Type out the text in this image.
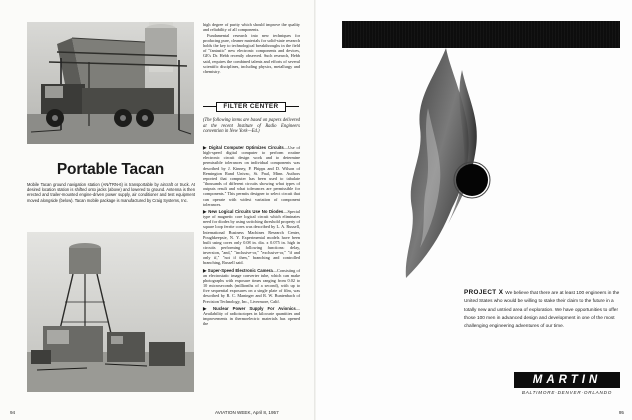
Portable Tacan
Mobile Tacan ground navigation station (AN/TRN-6) is transportable by aircraft or truck. At desired location station is shifted onto jacks (above) and lowered to ground. Antenna is then erected and trailer-mounted engine-driven power supply, air conditioner and test equipment moved alongside (below). Tacan mobile package is manufactured by Craig Systems, Inc.

high degree of purity which should improve the quality and reliability of all components.

Fundamental research into new techniques for producing pure, cleaner materials for solid-state research holds the key to technological breakthroughs in the field of "fantastic" new electronic components and devices, GE's Dr. Hebb recently observed. Such research, Hebb said, requires the combined talents and efforts of several scientific disciplines, including physics, metallurgy and chemistry.

FILTER CENTER
(The following items are based on papers delivered at the recent Institute of Radio Engineers convention in New York—Ed.)

▶ Digital Computer Optimizes Circuits—Use of high-speed digital computer to perform routine electronic circuit design work and to determine permissible tolerances on individual components was described by J. Kinney, P. Phipps and D. Wilson of Remington Rand Univac, St. Paul, Minn. Authors reported that computer has been used to tabulate "thousands of different circuits showing what types of outputs result and what tolerances are permissible for components." This permits designer to select circuit that can operate with widest variation of component tolerances.

▶ New Logical Circuits Use No Diodes—Special type of magnetic core logical circuit which eliminates need for diodes by using switching threshold property of square loop ferrite cores was described by L. A. Russell, International Business Machines Research Center, Poughkeepsie, N. Y. Experimental models have been built using cores only 0.08 in. dia. x 0.075 in. high in circuits performing following functions: delay, inversion, "and," "inclusive-or," "exclusive-or," "if and only if," "not if then," branching and controlled branching, Russell said.

▶ Super-Speed Electronic Camera—Consisting of an electrostatic image converter tube, which can make photographs with exposure times ranging from 0.02 to 10 microseconds (millionths of a second), with up to five sequential exposures on a single plate of film, was described by R. C. Maninger and R. W. Buntenbach of Precision Technology, Inc., Livermore, Calif.

▶ Nuclear Power Supply For Avionics—Availability of radioisotopes in kilocurie quantities and improvements in thermoelectric materials has opened the

94	AVIATION WEEK, April 8, 1957
PROJECT X We believe that there are at least 100 engineers in the United States who would be willing to stake their claim to the future in a totally new and untried area of exploration. We have opportunities to offer those 100 men in advanced design and development in one of the most challenging engineering adventures of our time.
MARTIN
BALTIMORE·DENVER·ORLANDO
95
